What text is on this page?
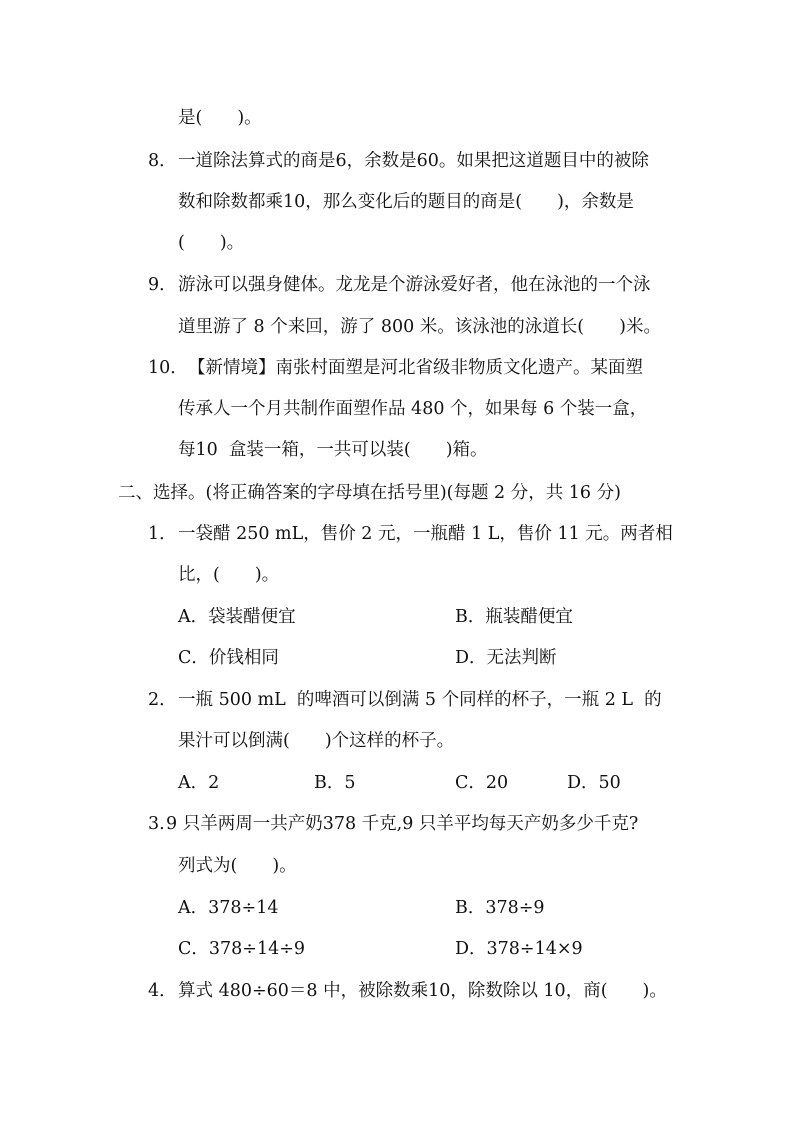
是(　　)。
8． 一道除法算式的商是6，余数是60。如果把这道题目中的被除
数和除数都乘10，那么变化后的题目的商是(　　)，余数是
(　　)。
9． 游泳可以强身健体。龙龙是个游泳爱好者，他在泳池的一个泳
道里游了 8 个来回，游了 800 米。该泳池的泳道长(　　)米。
10． 【新情境】南张村面塑是河北省级非物质文化遗产。某面塑
传承人一个月共制作面塑作品 480 个，如果每 6 个装一盒，
每10  盒装一箱，一共可以装(　　)箱。
二、选择。(将正确答案的字母填在括号里)(每题 2 分，共 16 分)
1． 一袋醋 250 mL，售价 2 元，一瓶醋 1 L，售价 11 元。两者相
比，(　　)。
A．袋装醋便宜	B．瓶装醋便宜
C．价钱相同	D．无法判断
2． 一瓶 500 mL  的啤酒可以倒满 5 个同样的杯子，一瓶 2 L  的
果汁可以倒满(　　)个这样的杯子。
A．2	B．5	C．20	D．50
3. 9 只羊两周一共产奶378 千克,9 只羊平均每天产奶多少千克?
列式为(　　)。
A．378÷14	B．378÷9
C．378÷14÷9	D．378÷14×9
4． 算式 480÷60＝8 中，被除数乘10，除数除以 10，商(　　)。
